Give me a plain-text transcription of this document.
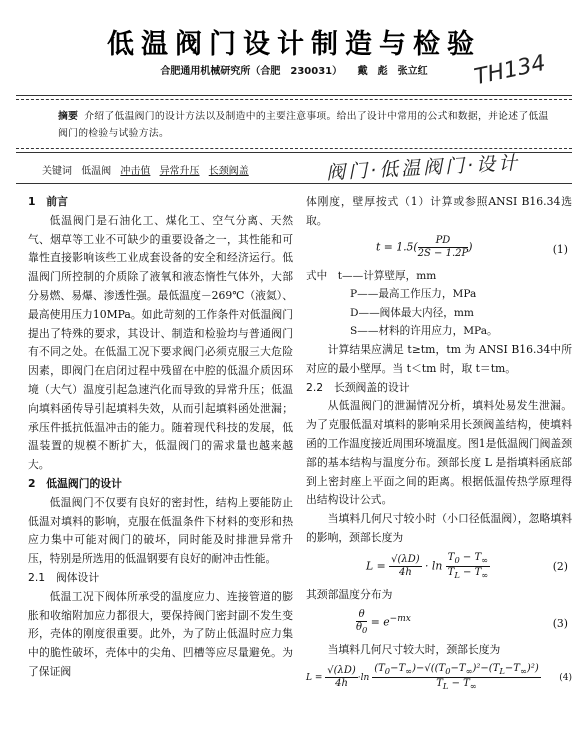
低温阀门设计制造与检验
合肥通用机械研究所（合肥　230031） 戴　彪　张立红	TH134
摘要 介绍了低温阀门的设计方法以及制造中的主要注意事项。给出了设计中常用的公式和数据，并论述了低温阀门的检验与试验方法。
关键词 低温阀 冲击值 异常升压 长颈阀盖	阀门·低温阀门·设计
1　前言

低温阀门是石油化工、煤化工、空气分离、天然气、烟草等工业不可缺少的重要设备之一，其性能和可靠性直接影响该些工业成套设备的安全和经济运行。低温阀门所控制的介质除了液氧和液态惰性气体外，大部分易燃、易爆、渗透性强。最低温度－269℃（液氦）、最高使用压力10MPa。如此苛刻的工作条件对低温阀门提出了特殊的要求，其设计、制造和检验均与普通阀门有不同之处。在低温工况下要求阀门必须克服三大危险因素，即阀门在启闭过程中残留在中腔的低温介质因环境（大气）温度引起急速汽化而导致的异常升压；低温向填料函传导引起填料失效，从而引起填料函处泄漏；承压件抵抗低温冲击的能力。随着现代科技的发展，低温装置的规模不断扩大，低温阀门的需求量也越来越大。

2　低温阀门的设计

低温阀门不仅要有良好的密封性，结构上要能防止低温对填料的影响，克服在低温条件下材料的变形和热应力集中可能对阀门的破坏，同时能及时排泄异常升压，特别是所选用的低温钢要有良好的耐冲击性能。

2.1　阀体设计

低温工况下阀体所承受的温度应力、连接管道的膨胀和收缩附加应力都很大，要保持阀门密封副不发生变形，壳体的刚度很重要。此外，为了防止低温时应力集中的脆性破坏，壳体中的尖角、凹槽等应尽量避免。为了保证阀

体刚度，壁厚按式（1）计算或参照ANSI B16.34选取。

$t = 1.5( \frac{PD}{2S - 1.2P}$ )	(1)
式中　 t——计算壁厚，mm
P——最高工作压力，MPa
D——阀体最大内径，mm
S——材料的许用应力，MPa。

计算结果应满足 t≥tm，tm 为 ANSI B16.34中所对应的最小壁厚。当 t＜tm 时，取 t＝tm。

2.2　长颈阀盖的设计

从低温阀门的泄漏情况分析，填料处易发生泄漏。为了克服低温对填料的影响采用长颈阀盖结构，使填料函的工作温度接近周围环境温度。图1是低温阀门阀盖颈部的基本结构与温度分布。颈部长度 L 是指填料函底部到上密封座上平面之间的距离。根据低温传热学原理得出结构设计公式。

当填料几何尺寸较小时（小口径低温阀），忽略填料的影响，颈部长度为

$L = \frac{√(\lambda D)}{4h} \cdot \ln \frac{T_0 - T_\infty}{T_L - T_\infty}$	(2)

其颈部温度分布为

$\frac{\theta}{\theta_0} = e^{-mx}$	(3)

当填料几何尺寸较大时，颈部长度为

$L = \frac{√(\lambda D)}{4h} \cdot\ln \frac{(T_0-T_\infty)-√((T_0-T_\infty)^2-(T_L-T_\infty)^2)}{T_L - T_\infty} (4)$
